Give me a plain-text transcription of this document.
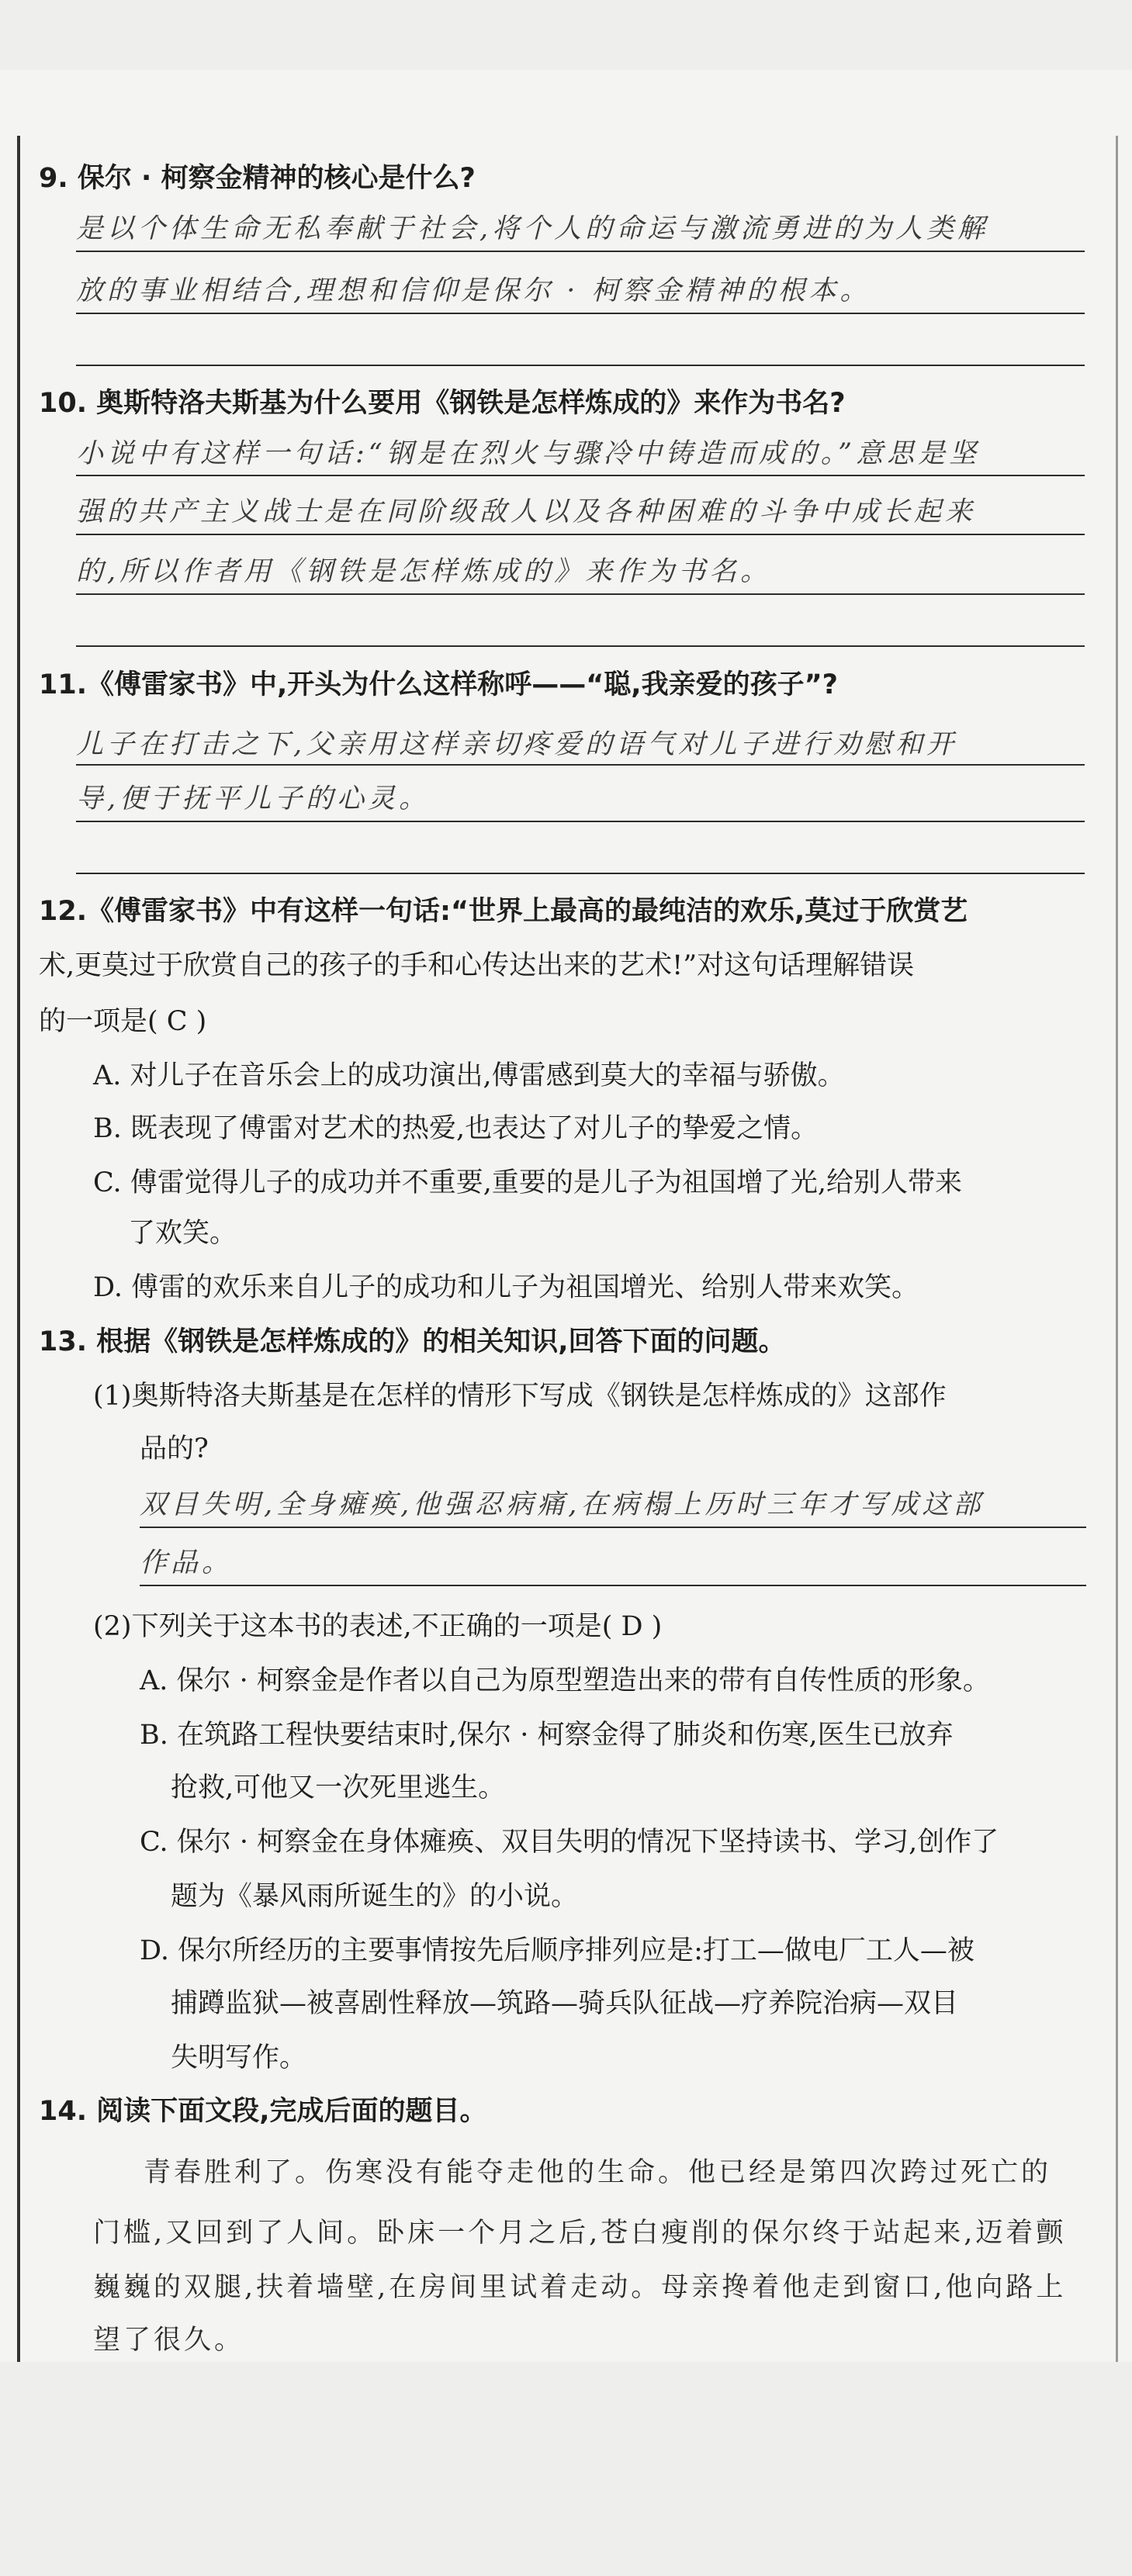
9. 保尔 · 柯察金精神的核心是什么?
是以个体生命无私奉献于社会,将个人的命运与激流勇进的为人类解
放的事业相结合,理想和信仰是保尔 · 柯察金精神的根本。
10. 奥斯特洛夫斯基为什么要用《钢铁是怎样炼成的》来作为书名?
小说中有这样一句话:“钢是在烈火与骤冷中铸造而成的。”意思是坚
强的共产主义战士是在同阶级敌人以及各种困难的斗争中成长起来
的,所以作者用《钢铁是怎样炼成的》来作为书名。
11.《傅雷家书》中,开头为什么这样称呼——“聪,我亲爱的孩子”?
儿子在打击之下,父亲用这样亲切疼爱的语气对儿子进行劝慰和开
导,便于抚平儿子的心灵。
12.《傅雷家书》中有这样一句话:“世界上最高的最纯洁的欢乐,莫过于欣赏艺
术,更莫过于欣赏自己的孩子的手和心传达出来的艺术!”对这句话理解错误
的一项是( C )
A. 对儿子在音乐会上的成功演出,傅雷感到莫大的幸福与骄傲。
B. 既表现了傅雷对艺术的热爱,也表达了对儿子的挚爱之情。
C. 傅雷觉得儿子的成功并不重要,重要的是儿子为祖国增了光,给别人带来
了欢笑。
D. 傅雷的欢乐来自儿子的成功和儿子为祖国增光、给别人带来欢笑。
13. 根据《钢铁是怎样炼成的》的相关知识,回答下面的问题。
(1)奥斯特洛夫斯基是在怎样的情形下写成《钢铁是怎样炼成的》这部作
品的?
双目失明,全身瘫痪,他强忍病痛,在病榻上历时三年才写成这部
作品。
(2)下列关于这本书的表述,不正确的一项是( D )
A. 保尔 · 柯察金是作者以自己为原型塑造出来的带有自传性质的形象。
B. 在筑路工程快要结束时,保尔 · 柯察金得了肺炎和伤寒,医生已放弃
抢救,可他又一次死里逃生。
C. 保尔 · 柯察金在身体瘫痪、双目失明的情况下坚持读书、学习,创作了
题为《暴风雨所诞生的》的小说。
D. 保尔所经历的主要事情按先后顺序排列应是:打工—做电厂工人—被
捕蹲监狱—被喜剧性释放—筑路—骑兵队征战—疗养院治病—双目
失明写作。
14. 阅读下面文段,完成后面的题目。
青春胜利了。伤寒没有能夺走他的生命。他已经是第四次跨过死亡的
门槛,又回到了人间。卧床一个月之后,苍白瘦削的保尔终于站起来,迈着颤
巍巍的双腿,扶着墙壁,在房间里试着走动。母亲搀着他走到窗口,他向路上
望了很久。
